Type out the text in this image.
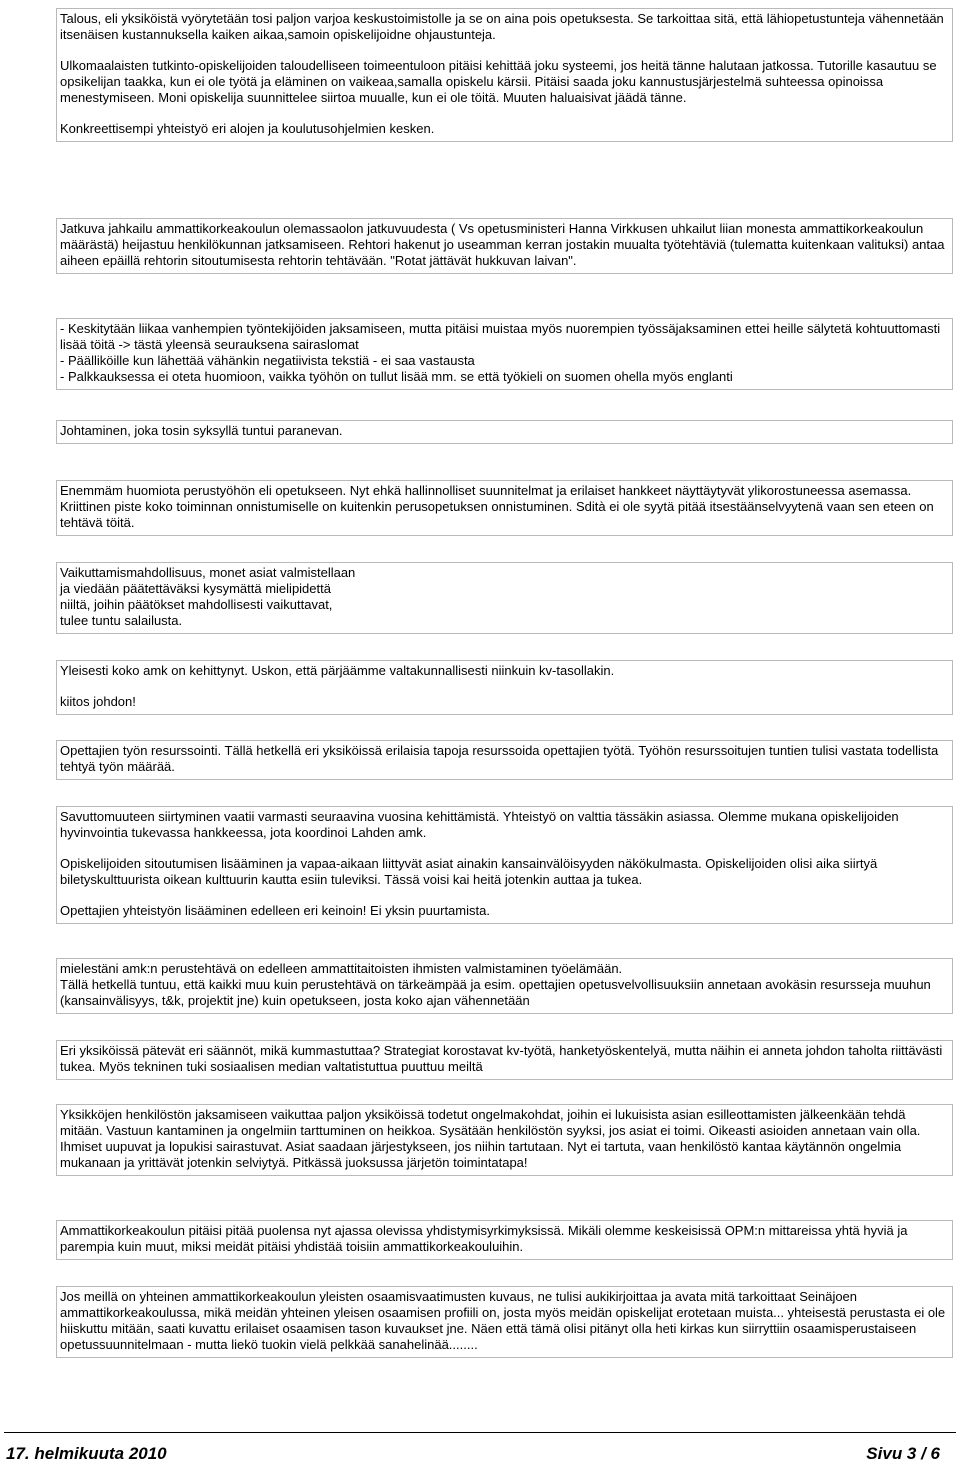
Talous, eli yksiköistä vyörytetään tosi paljon varjoa keskustoimistolle ja se on aina pois opetuksesta. Se tarkoittaa sitä, että lähiopetustunteja vähennetään itsenäisen kustannuksella kaiken aikaa,samoin opiskelijoidne ohjaustunteja.

Ulkomaalaisten tutkinto-opiskelijoiden taloudelliseen toimeentuloon pitäisi kehittää joku systeemi, jos heitä tänne halutaan jatkossa. Tutorille kasautuu se opsikelijan taakka, kun ei ole työtä ja eläminen on vaikeaa,samalla opiskelu kärsii. Pitäisi saada joku kannustusjärjestelmä suhteessa opinoissa menestymiseen. Moni opiskelija suunnittelee siirtoa muualle, kun ei ole töitä. Muuten haluaisivat jäädä tänne.

Konkreettisempi yhteistyö eri alojen ja koulutusohjelmien kesken.

Jatkuva jahkailu ammattikorkeakoulun olemassaolon jatkuvuudesta ( Vs opetusministeri Hanna Virkkusen uhkailut liian monesta ammattikorkeakoulun määrästä) heijastuu henkilökunnan jatksamiseen. Rehtori hakenut jo useamman kerran jostakin muualta työtehtäviä (tulematta kuitenkaan valituksi) antaa aiheen epäillä rehtorin sitoutumisesta rehtorin tehtävään. "Rotat jättävät hukkuvan laivan".

- Keskitytään liikaa vanhempien työntekijöiden jaksamiseen, mutta pitäisi muistaa myös nuorempien työssäjaksaminen ettei heille sälytetä kohtuuttomasti lisää töitä -> tästä yleensä seurauksena sairaslomat
- Päälliköille kun lähettää vähänkin negatiivista tekstiä - ei saa vastausta
- Palkkauksessa ei oteta huomioon, vaikka työhön on tullut lisää mm. se että työkieli on suomen ohella myös englanti

Johtaminen, joka tosin syksyllä tuntui paranevan.

Enemmäm huomiota perustyöhön eli opetukseen. Nyt ehkä hallinnolliset suunnitelmat ja erilaiset hankkeet näyttäytyvät ylikorostuneessa asemassa. Kriittinen piste koko toiminnan onnistumiselle on kuitenkin perusopetuksen onnistuminen. Sdità ei ole syytä pitää itsestäänselvyytenä vaan sen eteen on tehtävä töitä.

Vaikuttamismahdollisuus, monet asiat valmistellaan
ja viedään päätettäväksi kysymättä mielipidettä
niiltä, joihin päätökset mahdollisesti vaikuttavat,
tulee tuntu salailusta.

Yleisesti koko amk on kehittynyt. Uskon, että pärjäämme valtakunnallisesti niinkuin kv-tasollakin.

kiitos johdon!

Opettajien työn resurssointi. Tällä hetkellä eri yksiköissä erilaisia tapoja resurssoida opettajien työtä. Työhön resurssoitujen tuntien tulisi vastata todellista tehtyä työn määrää.

Savuttomuuteen siirtyminen vaatii varmasti seuraavina vuosina kehittämistä. Yhteistyö on valttia tässäkin asiassa. Olemme mukana opiskelijoiden hyvinvointia tukevassa hankkeessa, jota koordinoi Lahden amk.

Opiskelijoiden sitoutumisen lisääminen ja vapaa-aikaan liittyvät asiat ainakin kansainvälöisyyden näkökulmasta. Opiskelijoiden olisi aika siirtyä biletyskulttuurista oikean kulttuurin kautta esiin tuleviksi. Tässä voisi kai heitä jotenkin auttaa ja tukea.

Opettajien yhteistyön lisääminen edelleen eri keinoin! Ei yksin puurtamista.

mielestäni amk:n perustehtävä on edelleen ammattitaitoisten ihmisten valmistaminen työelämään.
Tällä hetkellä tuntuu, että kaikki muu kuin perustehtävä on tärkeämpää ja esim. opettajien opetusvelvollisuuksiin annetaan avokäsin resursseja muuhun (kansainvälisyys, t&k, projektit jne) kuin opetukseen, josta koko ajan vähennetään

Eri yksiköissä pätevät eri säännöt, mikä kummastuttaa? Strategiat korostavat kv-työtä, hanketyöskentelyä, mutta näihin ei anneta johdon taholta riittävästi tukea. Myös tekninen tuki sosiaalisen median valtatistuttua puuttuu meiltä

Yksikköjen henkilöstön jaksamiseen vaikuttaa paljon yksiköissä todetut ongelmakohdat, joihin ei lukuisista asian esilleottamisten jälkeenkään tehdä mitään. Vastuun kantaminen ja ongelmiin tarttuminen on heikkoa. Sysätään henkilöstön syyksi, jos asiat ei toimi. Oikeasti asioiden annetaan vain olla. Ihmiset uupuvat ja lopukisi sairastuvat. Asiat saadaan järjestykseen, jos niihin tartutaan. Nyt ei tartuta, vaan henkilöstö kantaa käytännön ongelmia mukanaan ja yrittävät jotenkin selviytyä. Pitkässä juoksussa järjetön toimintatapa!

Ammattikorkeakoulun pitäisi pitää puolensa nyt ajassa olevissa yhdistymisyrkimyksissä. Mikäli olemme keskeisissä OPM:n mittareissa yhtä hyviä ja parempia kuin muut, miksi meidät pitäisi yhdistää toisiin ammattikorkeakouluihin.

Jos meillä on yhteinen ammattikorkeakoulun yleisten osaamisvaatimusten kuvaus, ne tulisi aukikirjoittaa ja avata mitä tarkoittaat Seinäjoen ammattikorkeakoulussa, mikä meidän yhteinen yleisen osaamisen profiili on, josta myös meidän opiskelijat erotetaan muista... yhteisestä perustasta ei ole hiiskuttu mitään, saati kuvattu erilaiset osaamisen tason kuvaukset jne. Näen että tämä olisi pitänyt olla heti kirkas kun siirryttiin osaamisperustaiseen opetussuunnitelmaan - mutta liekö tuokin vielä pelkkää sanahelinää........

17. helmikuuta 2010	Sivu 3 / 6
